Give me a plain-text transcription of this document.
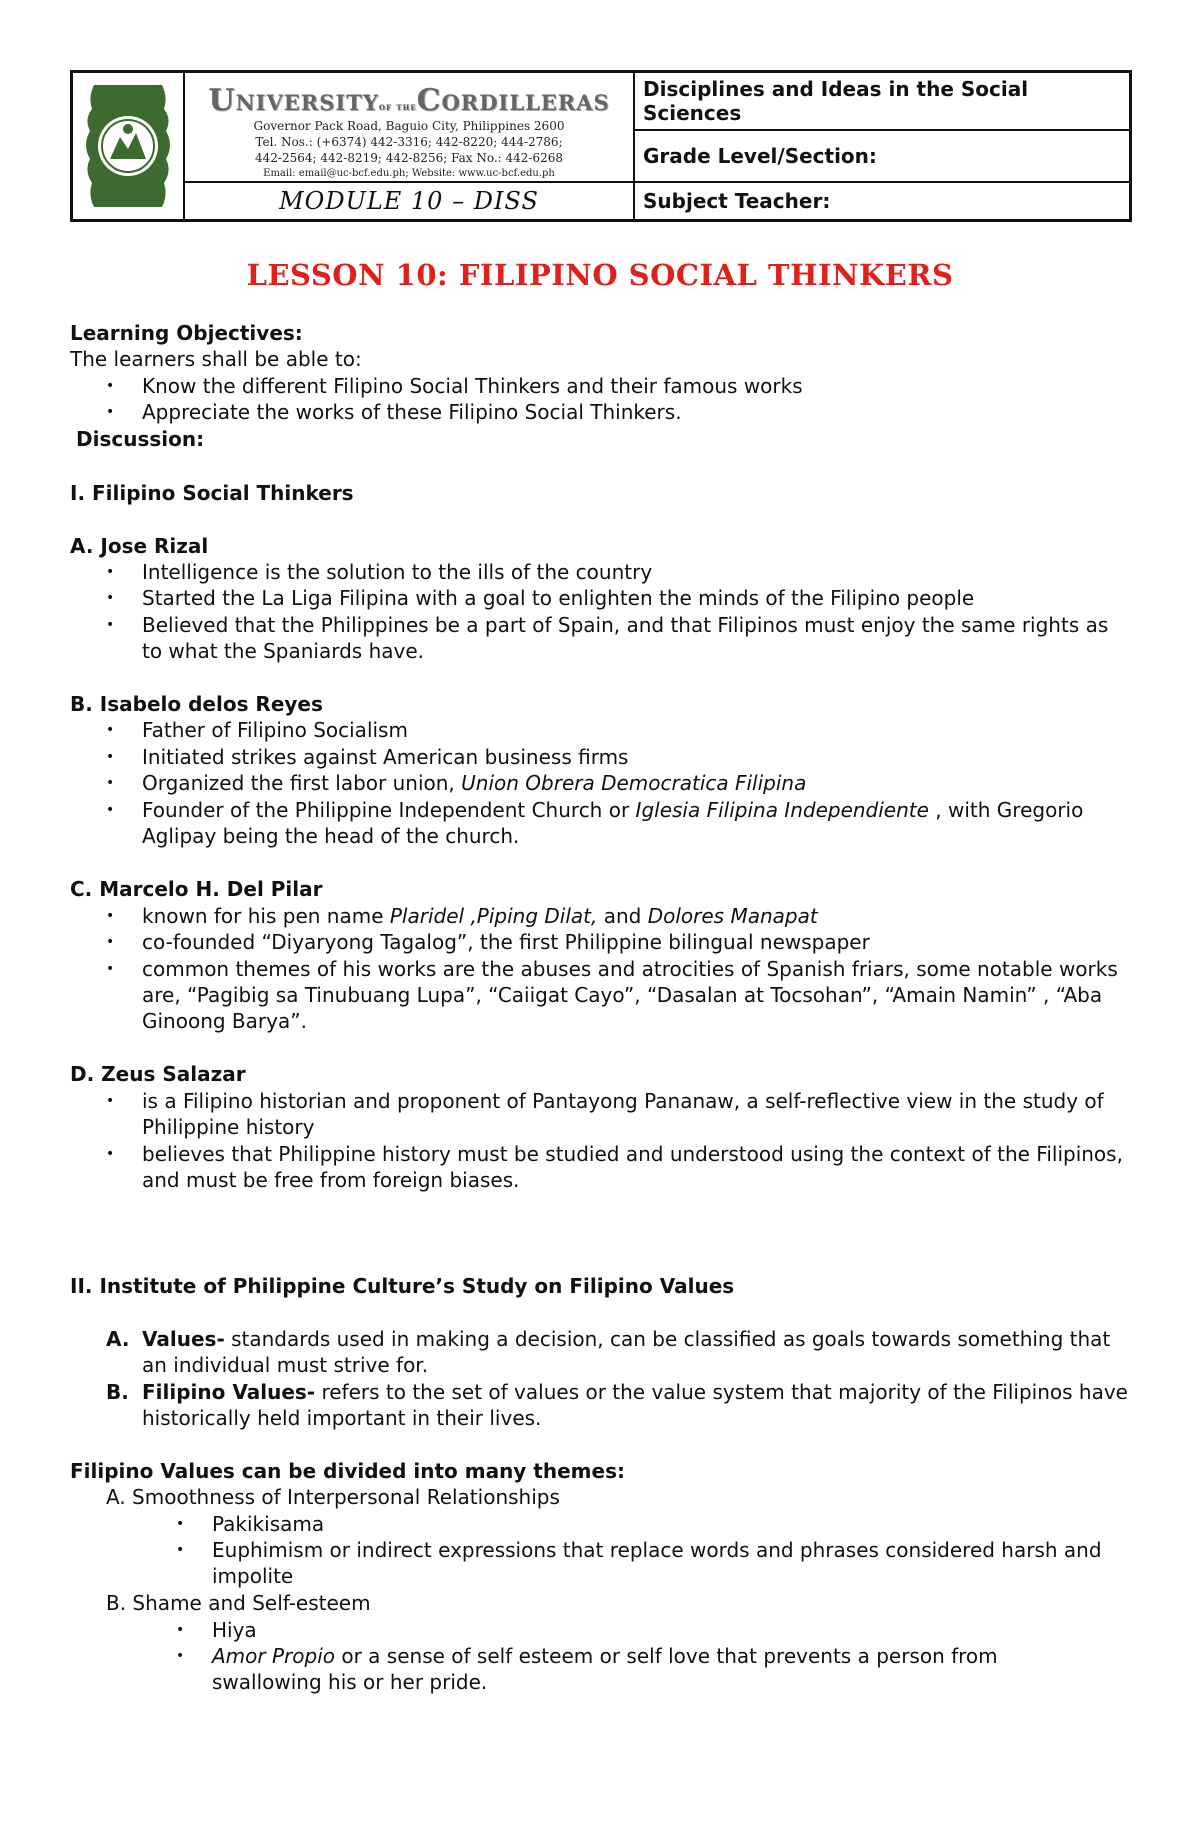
Universityof theCordilleras
Governor Pack Road, Baguio City, Philippines 2600
Tel. Nos.: (+6374) 442-3316; 442-8220; 444-2786;
442-2564; 442-8219; 442-8256; Fax No.: 442-6268
Email: email@uc-bcf.edu.ph; Website: www.uc-bcf.edu.ph
MODULE 10 – DISS
Disciplines and Ideas in the Social Sciences
Grade Level/Section:
Subject Teacher:
LESSON 10: FILIPINO SOCIAL THINKERS
Learning Objectives:
The learners shall be able to:
• Know the different Filipino Social Thinkers and their famous works
• Appreciate the works of these Filipino Social Thinkers.
Discussion:
I. Filipino Social Thinkers
A. Jose Rizal
• Intelligence is the solution to the ills of the country
• Started the La Liga Filipina with a goal to enlighten the minds of the Filipino people
• Believed that the Philippines be a part of Spain, and that Filipinos must enjoy the same rights as to what the Spaniards have.
B. Isabelo delos Reyes
• Father of Filipino Socialism
• Initiated strikes against American business firms
• Organized the first labor union, Union Obrera Democratica Filipina
• Founder of the Philippine Independent Church or Iglesia Filipina Independiente , with Gregorio Aglipay being the head of the church.
C. Marcelo H. Del Pilar
• known for his pen name Plaridel ,Piping Dilat, and Dolores Manapat
• co-founded “Diyaryong Tagalog”, the first Philippine bilingual newspaper
• common themes of his works are the abuses and atrocities of Spanish friars, some notable works are, “Pagibig sa Tinubuang Lupa”, “Caiigat Cayo”, “Dasalan at Tocsohan”, “Amain Namin” , “Aba Ginoong Barya”.
D. Zeus Salazar
• is a Filipino historian and proponent of Pantayong Pananaw, a self-reflective view in the study of Philippine history
• believes that Philippine history must be studied and understood using the context of the Filipinos, and must be free from foreign biases.
II. Institute of Philippine Culture’s Study on Filipino Values
A. Values- standards used in making a decision, can be classified as goals towards something that an individual must strive for.
B. Filipino Values- refers to the set of values or the value system that majority of the Filipinos have historically held important in their lives.
Filipino Values can be divided into many themes:
A. Smoothness of Interpersonal Relationships
• Pakikisama
• Euphimism or indirect expressions that replace words and phrases considered harsh and impolite
B. Shame and Self-esteem
• Hiya
• Amor Propio or a sense of self esteem or self love that prevents a person from swallowing his or her pride.
